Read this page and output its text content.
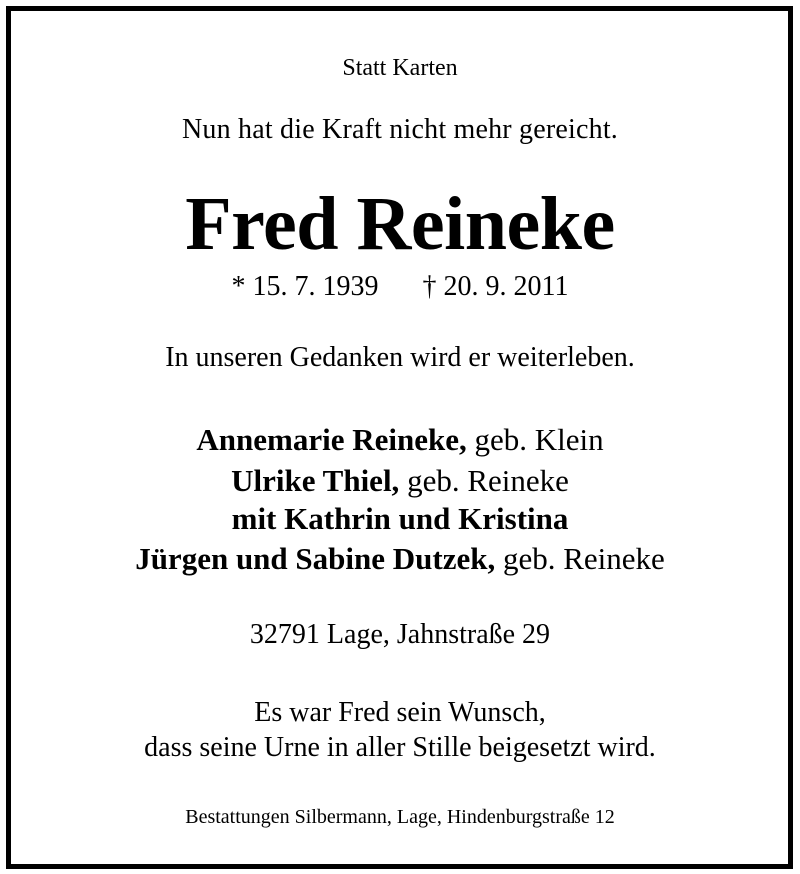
Statt Karten
Nun hat die Kraft nicht mehr gereicht.
Fred Reineke
* 15. 7. 1939 † 20. 9. 2011
In unseren Gedanken wird er weiterleben.
Annemarie Reineke, geb. Klein
Ulrike Thiel, geb. Reineke
mit Kathrin und Kristina
Jürgen und Sabine Dutzek, geb. Reineke
32791 Lage, Jahnstraße 29
Es war Fred sein Wunsch,
dass seine Urne in aller Stille beigesetzt wird.
Bestattungen Silbermann, Lage, Hindenburgstraße 12
